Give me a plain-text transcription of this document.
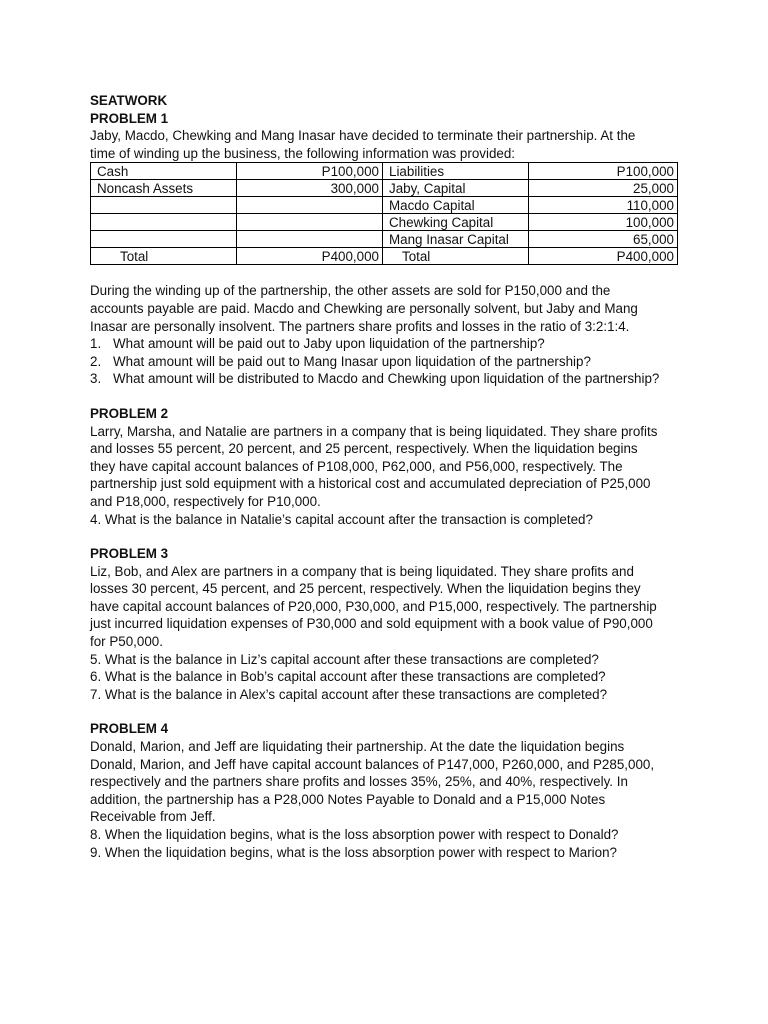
SEATWORK

PROBLEM 1

Jaby, Macdo, Chewking and Mang Inasar have decided to terminate their partnership. At the

time of winding up the business, the following information was provided:

Cash	P100,000	Liabilities	P100,000
Noncash Assets	300,000	Jaby, Capital	25,000
		Macdo Capital	110,000
		Chewking Capital	100,000
		Mang Inasar Capital	65,000
Total	P400,000	Total	P400,000

During the winding up of the partnership, the other assets are sold for P150,000 and the

accounts payable are paid. Macdo and Chewking are personally solvent, but Jaby and Mang

Inasar are personally insolvent. The partners share profits and losses in the ratio of 3:2:1:4.

1. What amount will be paid out to Jaby upon liquidation of the partnership?
2. What amount will be paid out to Mang Inasar upon liquidation of the partnership?
3. What amount will be distributed to Macdo and Chewking upon liquidation of the partnership?

PROBLEM 2

Larry, Marsha, and Natalie are partners in a company that is being liquidated. They share profits

and losses 55 percent, 20 percent, and 25 percent, respectively. When the liquidation begins

they have capital account balances of P108,000, P62,000, and P56,000, respectively. The

partnership just sold equipment with a historical cost and accumulated depreciation of P25,000

and P18,000, respectively for P10,000.

4. What is the balance in Natalie’s capital account after the transaction is completed?

PROBLEM 3

Liz, Bob, and Alex are partners in a company that is being liquidated. They share profits and

losses 30 percent, 45 percent, and 25 percent, respectively. When the liquidation begins they

have capital account balances of P20,000, P30,000, and P15,000, respectively. The partnership

just incurred liquidation expenses of P30,000 and sold equipment with a book value of P90,000

for P50,000.

5. What is the balance in Liz’s capital account after these transactions are completed?

6. What is the balance in Bob’s capital account after these transactions are completed?

7. What is the balance in Alex’s capital account after these transactions are completed?

PROBLEM 4

Donald, Marion, and Jeff are liquidating their partnership. At the date the liquidation begins

Donald, Marion, and Jeff have capital account balances of P147,000, P260,000, and P285,000,

respectively and the partners share profits and losses 35%, 25%, and 40%, respectively. In

addition, the partnership has a P28,000 Notes Payable to Donald and a P15,000 Notes

Receivable from Jeff.

8. When the liquidation begins, what is the loss absorption power with respect to Donald?

9. When the liquidation begins, what is the loss absorption power with respect to Marion?
